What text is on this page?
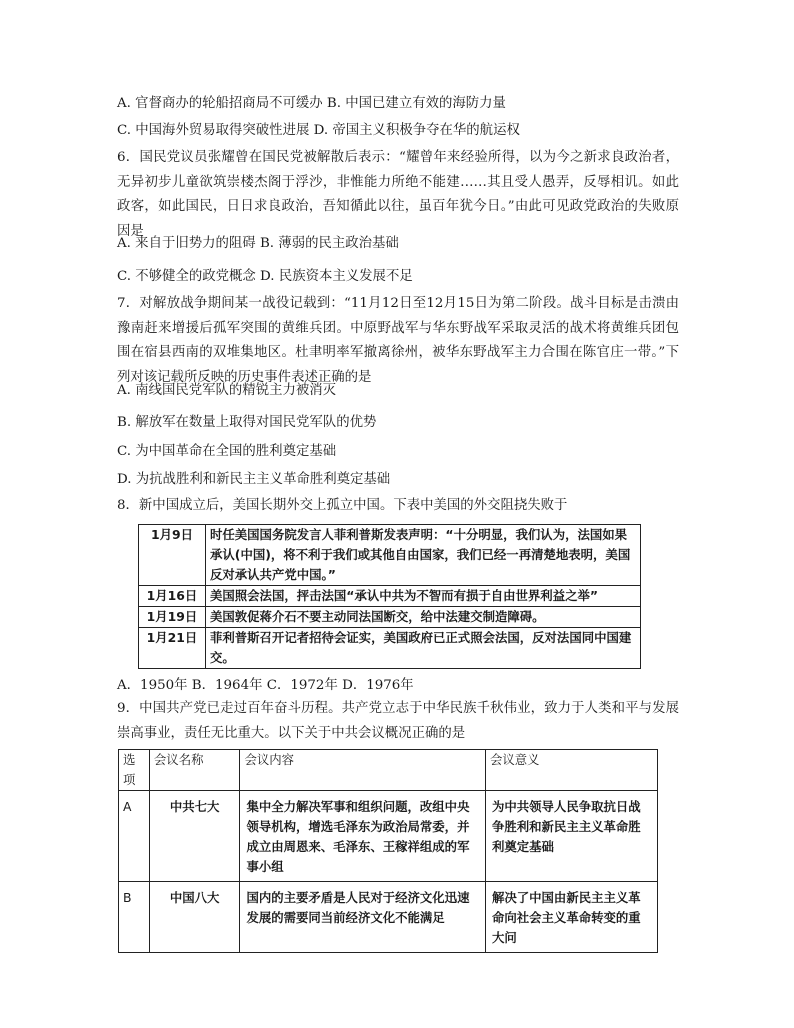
A. 官督商办的轮船招商局不可缓办 B. 中国已建立有效的海防力量
C. 中国海外贸易取得突破性进展 D. 帝国主义积极争夺在华的航运权
6．国民党议员张耀曾在国民党被解散后表示：“耀曾年来经验所得，以为今之新求良政治者，无异初步儿童欲筑崇楼杰阁于浮沙，非惟能力所绝不能建……其且受人愚弄，反辱相讥。如此政客，如此国民，日日求良政治，吾知循此以往，虽百年犹今日。”由此可见政党政治的失败原因是
A. 来自于旧势力的阻碍 B. 薄弱的民主政治基础
C. 不够健全的政党概念 D. 民族资本主义发展不足
7．对解放战争期间某一战役记载到：“11月12日至12月15日为第二阶段。战斗目标是击溃由豫南赶来增援后孤军突围的黄维兵团。中原野战军与华东野战军采取灵活的战术将黄维兵团包围在宿县西南的双堆集地区。杜聿明率军撤离徐州，被华东野战军主力合围在陈官庄一带。”下列对该记载所反映的历史事件表述正确的是
A. 南线国民党军队的精锐主力被消灭
B. 解放军在数量上取得对国民党军队的优势
C. 为中国革命在全国的胜利奠定基础
D. 为抗战胜利和新民主主义革命胜利奠定基础
8．新中国成立后，美国长期外交上孤立中国。下表中美国的外交阻挠失败于
1月9日	时任美国国务院发言人菲利普斯发表声明：“十分明显，我们认为，法国如果承认(中国)，将不利于我们或其他自由国家，我们已经一再清楚地表明，美国反对承认共产党中国。”
1月16日	美国照会法国，抨击法国“承认中共为不智而有损于自由世界利益之举”
1月19日	美国敦促蒋介石不要主动同法国断交，给中法建交制造障碍。
1月21日	菲利普斯召开记者招待会证实，美国政府已正式照会法国，反对法国同中国建交。
A．1950年 B．1964年 C．1972年 D．1976年
9．中国共产党已走过百年奋斗历程。共产党立志于中华民族千秋伟业，致力于人类和平与发展崇高事业，责任无比重大。以下关于中共会议概况正确的是
选项	会议名称	会议内容	会议意义
A	中共七大	集中全力解决军事和组织问题，改组中央领导机构，增选毛泽东为政治局常委，并成立由周恩来、毛泽东、王稼祥组成的军事小组	为中共领导人民争取抗日战争胜利和新民主主义革命胜利奠定基础
B	中国八大	国内的主要矛盾是人民对于经济文化迅速发展的需要同当前经济文化不能满足	解决了中国由新民主主义革命向社会主义革命转变的重大问
